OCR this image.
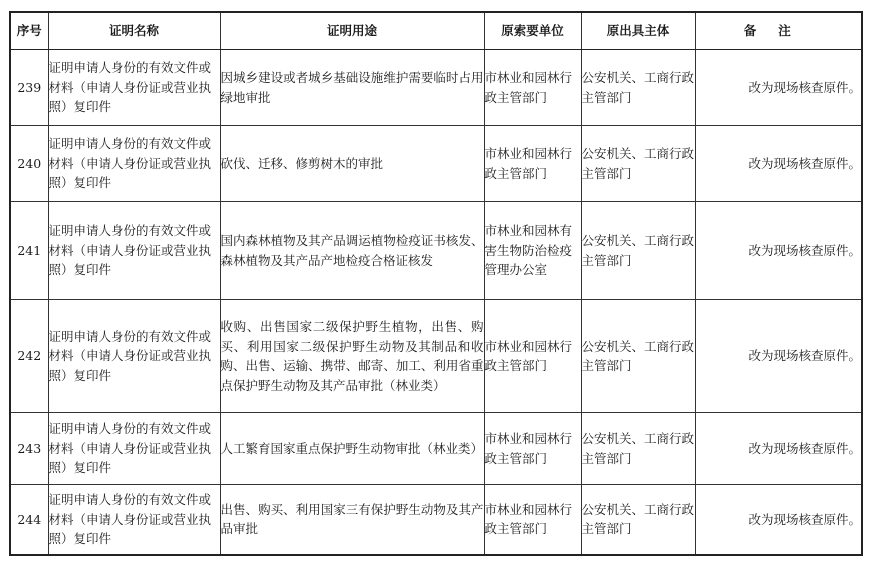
序号	证明名称	证明用途	原索要单位	原出具主体	备注
239	证明申请人身份的有效文件或材料（申请人身份证或营业执照）复印件	因城乡建设或者城乡基础设施维护需要临时占用绿地审批	市林业和园林行政主管部门	公安机关、工商行政主管部门	改为现场核查原件。
240	证明申请人身份的有效文件或材料（申请人身份证或营业执照）复印件	砍伐、迁移、修剪树木的审批	市林业和园林行政主管部门	公安机关、工商行政主管部门	改为现场核查原件。
241	证明申请人身份的有效文件或材料（申请人身份证或营业执照）复印件	国内森林植物及其产品调运植物检疫证书核发、森林植物及其产品产地检疫合格证核发	市林业和园林有害生物防治检疫管理办公室	公安机关、工商行政主管部门	改为现场核查原件。
242	证明申请人身份的有效文件或材料（申请人身份证或营业执照）复印件	收购、出售国家二级保护野生植物，出售、购买、利用国家二级保护野生动物及其制品和收购、出售、运输、携带、邮寄、加工、利用省重点保护野生动物及其产品审批（林业类）	市林业和园林行政主管部门	公安机关、工商行政主管部门	改为现场核查原件。
243	证明申请人身份的有效文件或材料（申请人身份证或营业执照）复印件	人工繁育国家重点保护野生动物审批（林业类）	市林业和园林行政主管部门	公安机关、工商行政主管部门	改为现场核查原件。
244	证明申请人身份的有效文件或材料（申请人身份证或营业执照）复印件	出售、购买、利用国家三有保护野生动物及其产品审批	市林业和园林行政主管部门	公安机关、工商行政主管部门	改为现场核查原件。
